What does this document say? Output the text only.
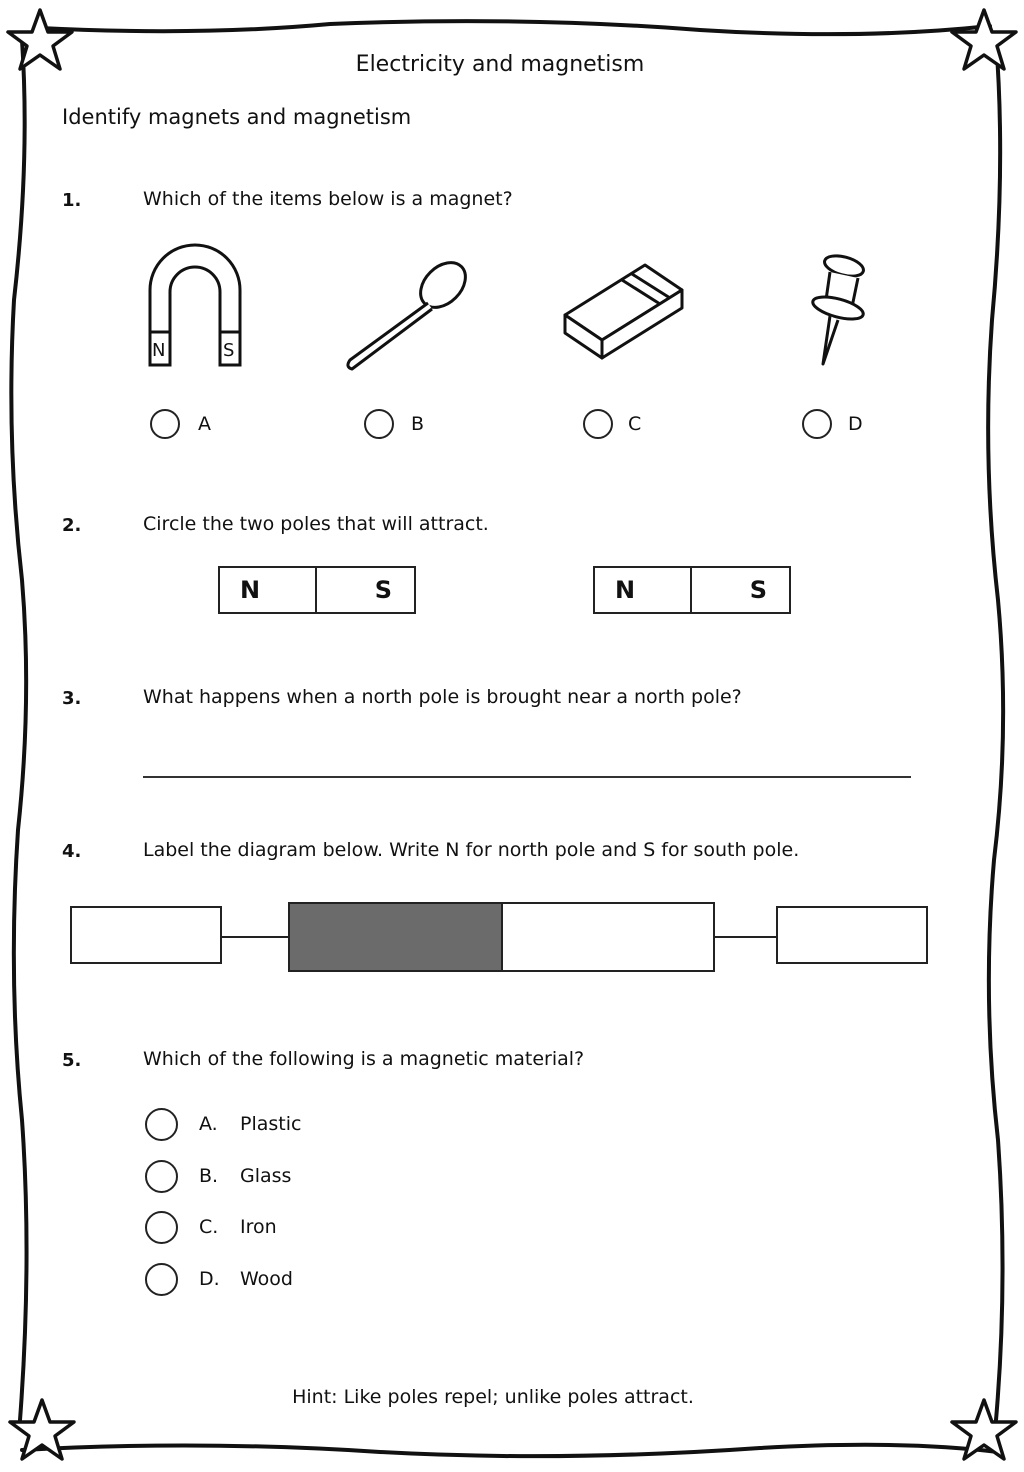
Electricity and magnetism
Identify magnets and magnetism
1.	Which of the items below is a magnet?
N	S
A	B	C	D
2.	Circle the two poles that will attract.
N	S	N	S
3.	What happens when a north pole is brought near a north pole?
4.	Label the diagram below. Write N for north pole and S for south pole.
5.	Which of the following is a magnetic material?
A. Plastic
B. Glass
C. Iron
D. Wood
Hint: Like poles repel; unlike poles attract.
